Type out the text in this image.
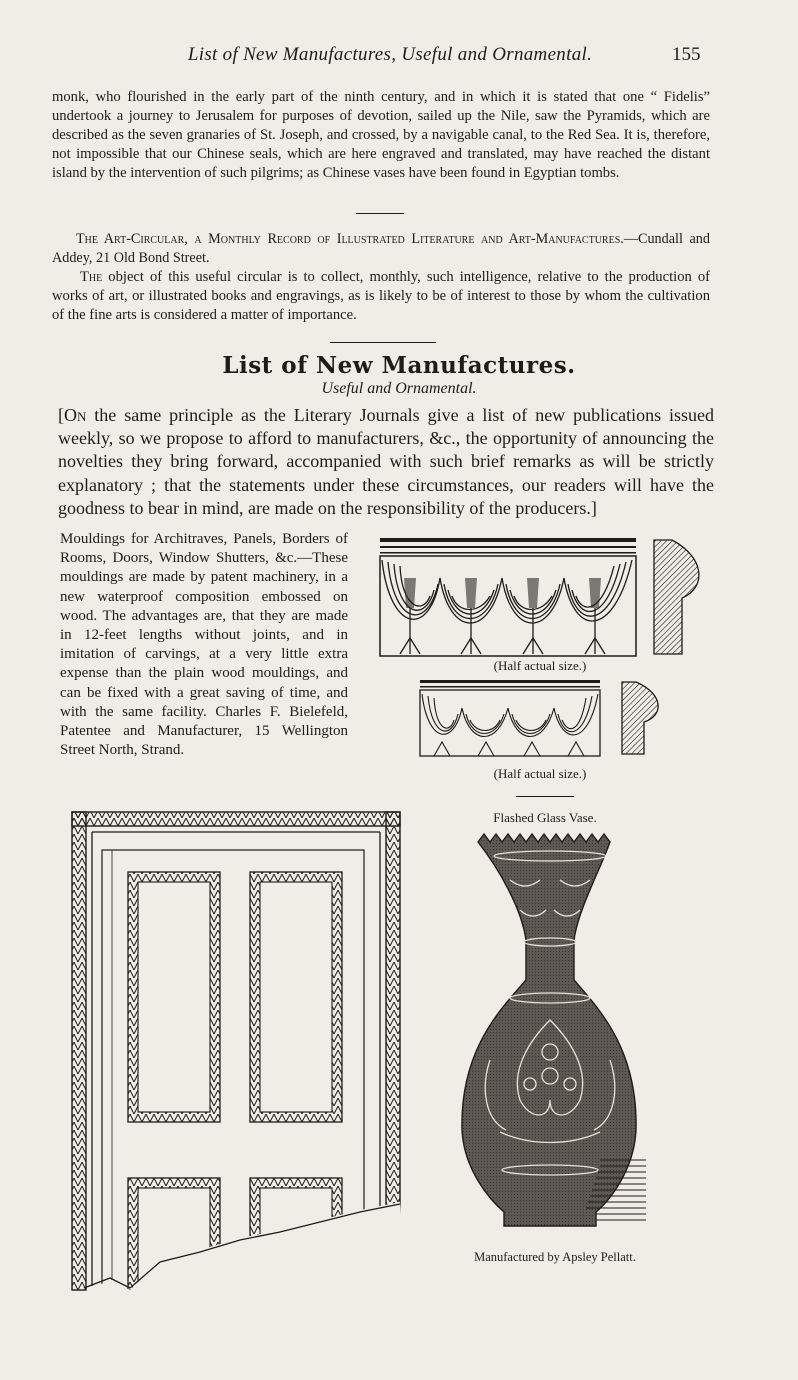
List of New Manufactures, Useful and Ornamental.	155
monk, who flourished in the early part of the ninth century, and in which it is stated that one “ Fidelis” undertook a journey to Jerusalem for purposes of devotion, sailed up the Nile, saw the Pyramids, which are described as the seven granaries of St. Joseph, and crossed, by a navigable canal, to the Red Sea. It is, therefore, not impossible that our Chinese seals, which are here engraved and translated, may have reached the distant island by the intervention of such pilgrims; as Chinese vases have been found in Egyptian tombs.
The Art-Circular, a Monthly Record of Illustrated Literature and Art-Manufactures.—Cundall and Addey, 21 Old Bond Street.
The object of this useful circular is to collect, monthly, such intelligence, relative to the production of works of art, or illustrated books and engravings, as is likely to be of interest to those by whom the cultivation of the fine arts is considered a matter of importance.
List of New Manufactures.
Useful and Ornamental.
[On the same principle as the Literary Journals give a list of new publications issued weekly, so we propose to afford to manufacturers, &c., the opportunity of announcing the novelties they bring forward, accompanied with such brief remarks as will be strictly explanatory ; that the statements under these circumstances, our readers will have the goodness to bear in mind, are made on the responsibility of the producers.]
Mouldings for Architraves, Panels, Borders of Rooms, Doors, Window Shutters, &c.—These mouldings are made by patent machinery, in a new waterproof composition embossed on wood. The advantages are, that they are made in 12-feet lengths without joints, and in imitation of carvings, at a very little extra expense than the plain wood mouldings, and can be fixed with a great saving of time, and with the same facility. Charles F. Bielefeld, Patentee and Manufacturer, 15 Wellington Street North, Strand.
(Half actual size.)
(Half actual size.)
Flashed Glass Vase.
Manufactured by Apsley Pellatt.
